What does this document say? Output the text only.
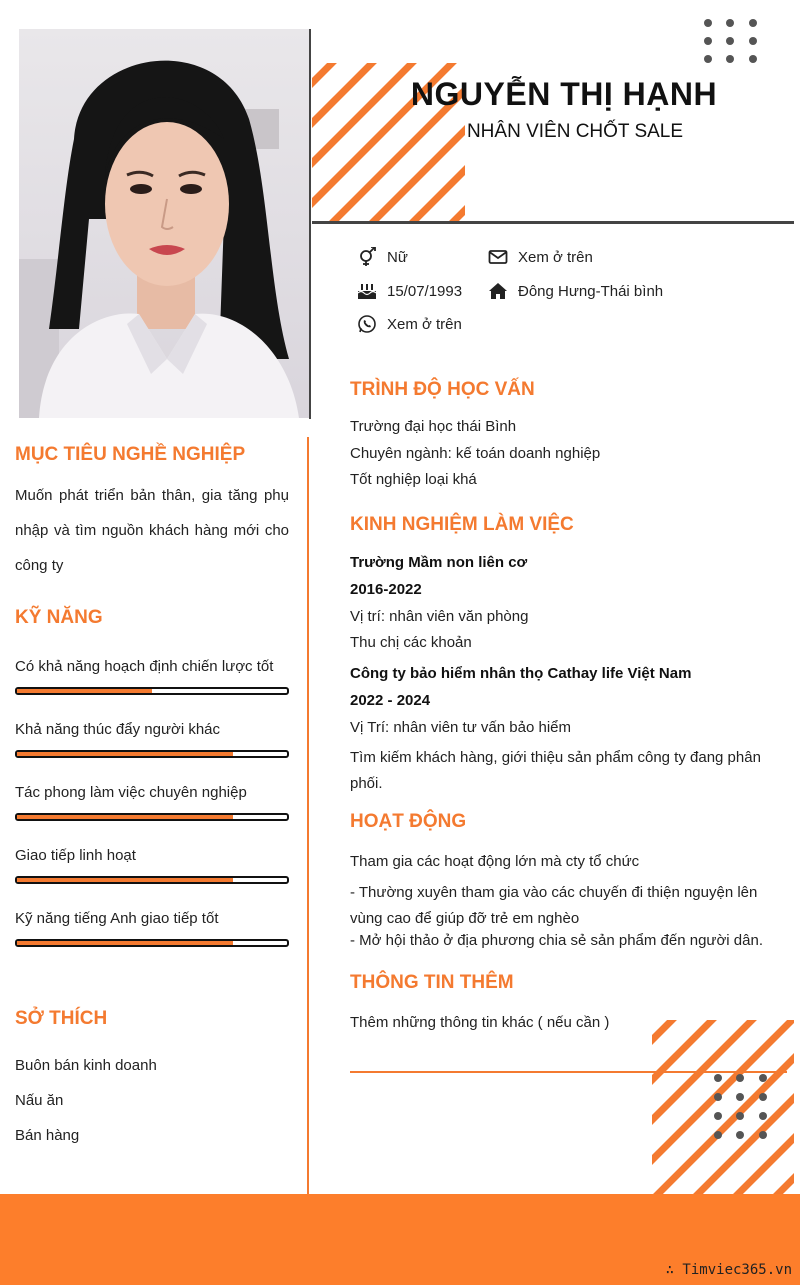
NGUYỄN THỊ HẠNH
NHÂN VIÊN CHỐT SALE
Nữ	Xem ở trên
15/07/1993	Đông Hưng-Thái bình
Xem ở trên
MỤC TIÊU NGHỀ NGHIỆP
Muốn phát triển bản thân, gia tăng phụ nhập và tìm nguồn khách hàng mới cho công ty
KỸ NĂNG
Có khả năng hoạch định chiến lược tốt
Khả năng thúc đẩy người khác
Tác phong làm việc chuyên nghiệp
Giao tiếp linh hoạt
Kỹ năng tiếng Anh giao tiếp tốt
SỞ THÍCH
Buôn bán kinh doanh
Nấu ăn
Bán hàng
TRÌNH ĐỘ HỌC VẤN
Trường đại học thái Bình
Chuyên ngành: kế toán doanh nghiệp
Tốt nghiệp loại khá
KINH NGHIỆM LÀM VIỆC
Trường Mầm non liên cơ
2016-2022
Vị trí: nhân viên văn phòng
Thu chị các khoản
Công ty bảo hiểm nhân thọ Cathay life Việt Nam
2022 - 2024
Vị Trí: nhân viên tư vấn bảo hiểm
Tìm kiếm khách hàng, giới thiệu sản phẩm công ty đang phân phối.
HOẠT ĐỘNG
Tham gia các hoạt động lớn mà cty tổ chức
- Thường xuyên tham gia vào các chuyến đi thiện nguyện lên vùng cao để giúp đỡ trẻ em nghèo
- Mở hội thảo ở địa phương chia sẻ sản phẩm đến người dân.
THÔNG TIN THÊM
Thêm những thông tin khác ( nếu cần )
∴ Timviec365.vn
